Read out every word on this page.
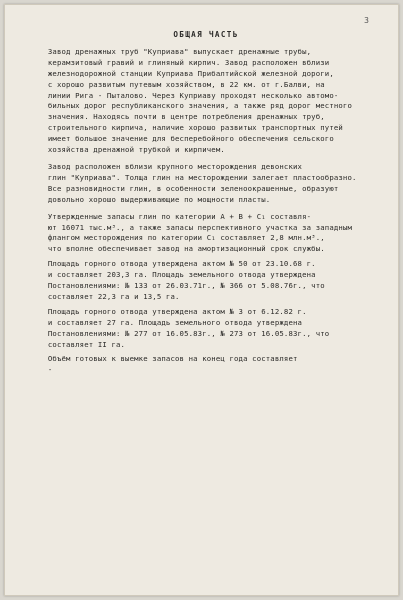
3
ОБЩАЯ ЧАСТЬ
Завод дренажных труб "Куприава" выпускает дренажные трубы,
керамзитовый гравий и глиняный кирпич. Завод расположен вблизи
железнодорожной станции Куприава Прибалтийской железной дороги,
с хорошо развитым путевым хозяйством, в 22 км. от г.Балви, на
линии Рига - Пыталово. Через Куприаву проходят несколько автомо-
бильных дорог республиканского значения, а также ряд дорог местного
значения. Находясь почти в центре потребления дренажных труб,
строительного кирпича, наличие хорошо развитых транспортных путей
имеет большое значение для бесперебойного обеспечения сельского
хозяйства дренажной трубкой и кирпичем.
Завод расположен вблизи крупного месторождения девонских
глин "Куприава". Толща глин на месторождении залегает пластообразно.
Все разновидности глин, в особенности зеленоокрашенные, образуют
довольно хорошо выдерживающие по мощности пласты.
Утвержденные запасы глин по категории А + В + С₁ составля-
ют 16071 тыс.м³., а также запасы перспективного участка за западным
флангом месторождения по категории С₁ составляет 2,8 млн.м³.,
что вполне обеспечивает завод на амортизационный срок службы.
Площадь горного отвода утверждена актом № 50 от 23.10.68 г.
и составляет 203,3 га. Площадь земельного отвода утверждена
Постановлениями: № 133 от 26.03.71г., № 366 от 5.08.76г., что
составляет 22,3 га и 13,5 га.
Площадь горного отвода утверждена актом № 3 от 6.12.82 г.
и составляет 27 га. Площадь земельного отвода утверждена
Постановлениями: № 277 от 16.05.83г., № 273 от 16.05.83г., что
составляет II га.
Объём готовых к выемке запасов на конец года составляет
-
